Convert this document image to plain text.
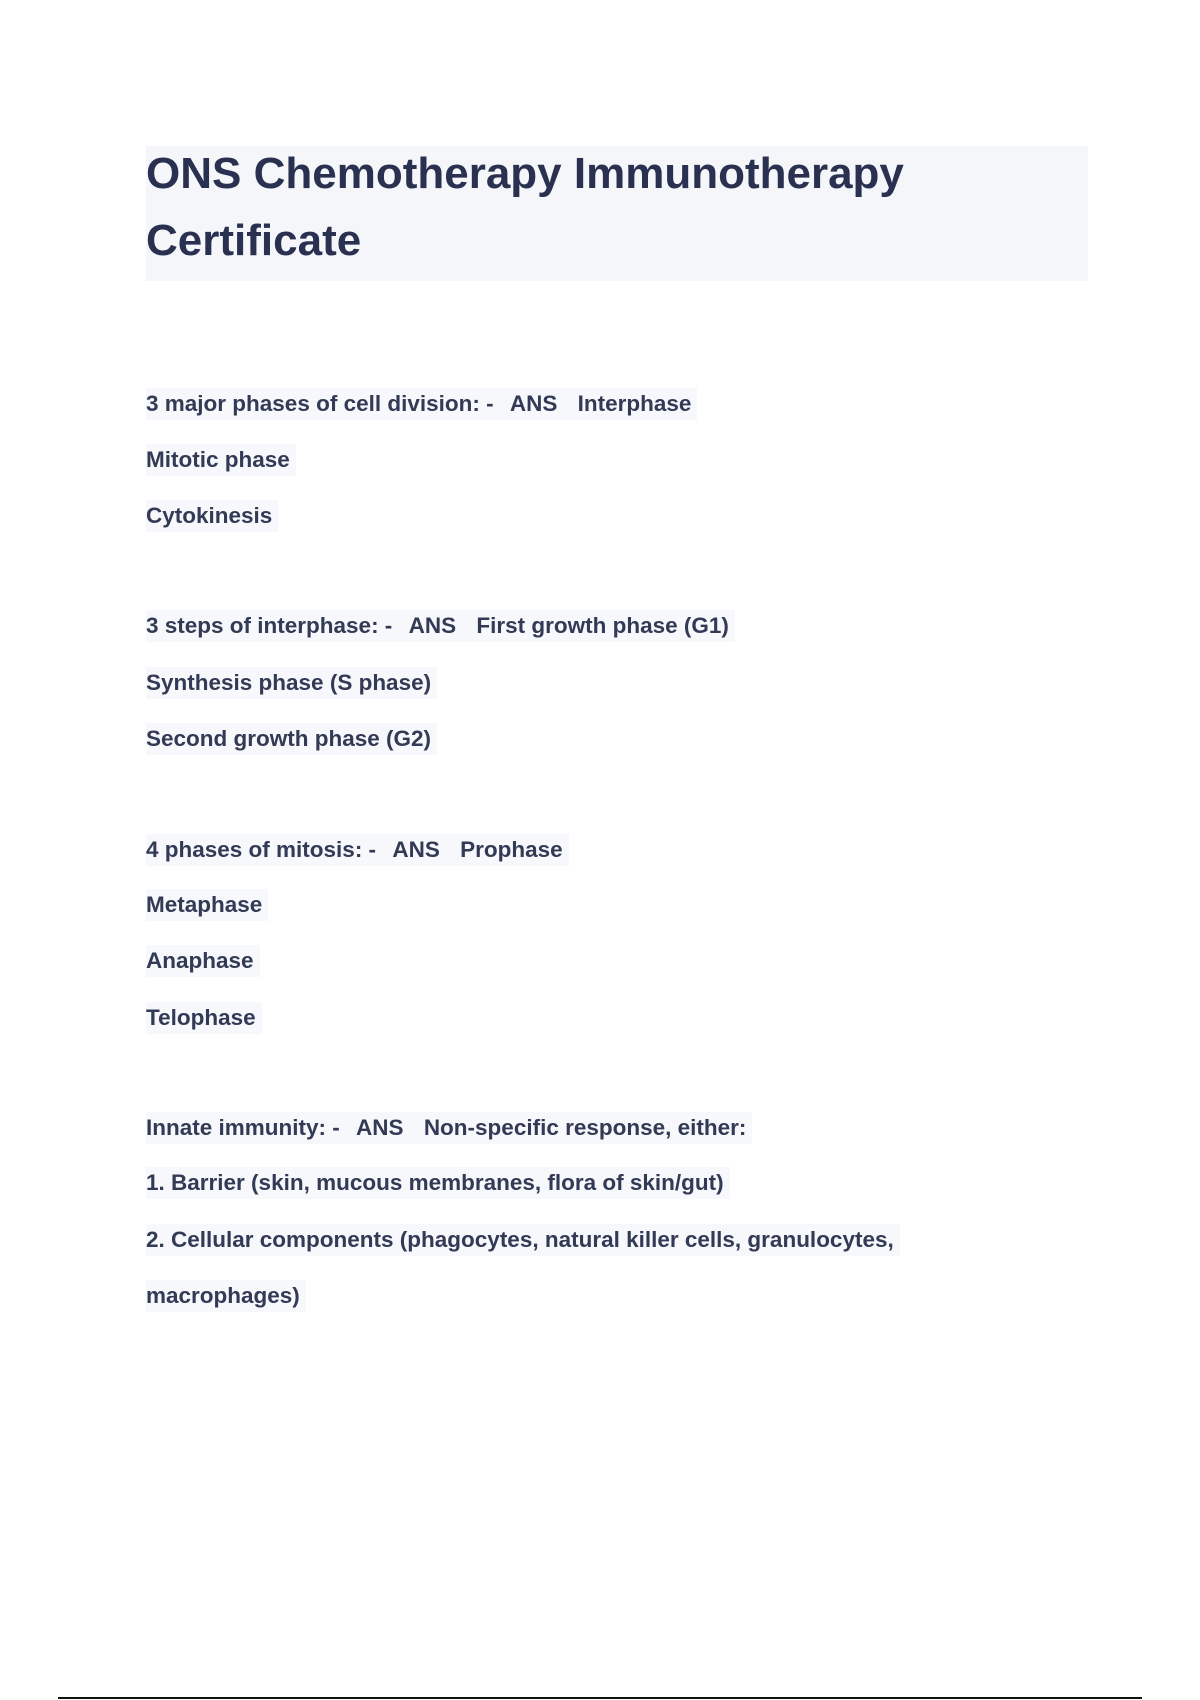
ONS Chemotherapy Immunotherapy
Certificate
3 major phases of cell division: - ANS Interphase
Mitotic phase
Cytokinesis
3 steps of interphase: - ANS First growth phase (G1)
Synthesis phase (S phase)
Second growth phase (G2)
4 phases of mitosis: - ANS Prophase
Metaphase
Anaphase
Telophase
Innate immunity: - ANS Non-specific response, either:
1. Barrier (skin, mucous membranes, flora of skin/gut)
2. Cellular components (phagocytes, natural killer cells, granulocytes,
macrophages)
